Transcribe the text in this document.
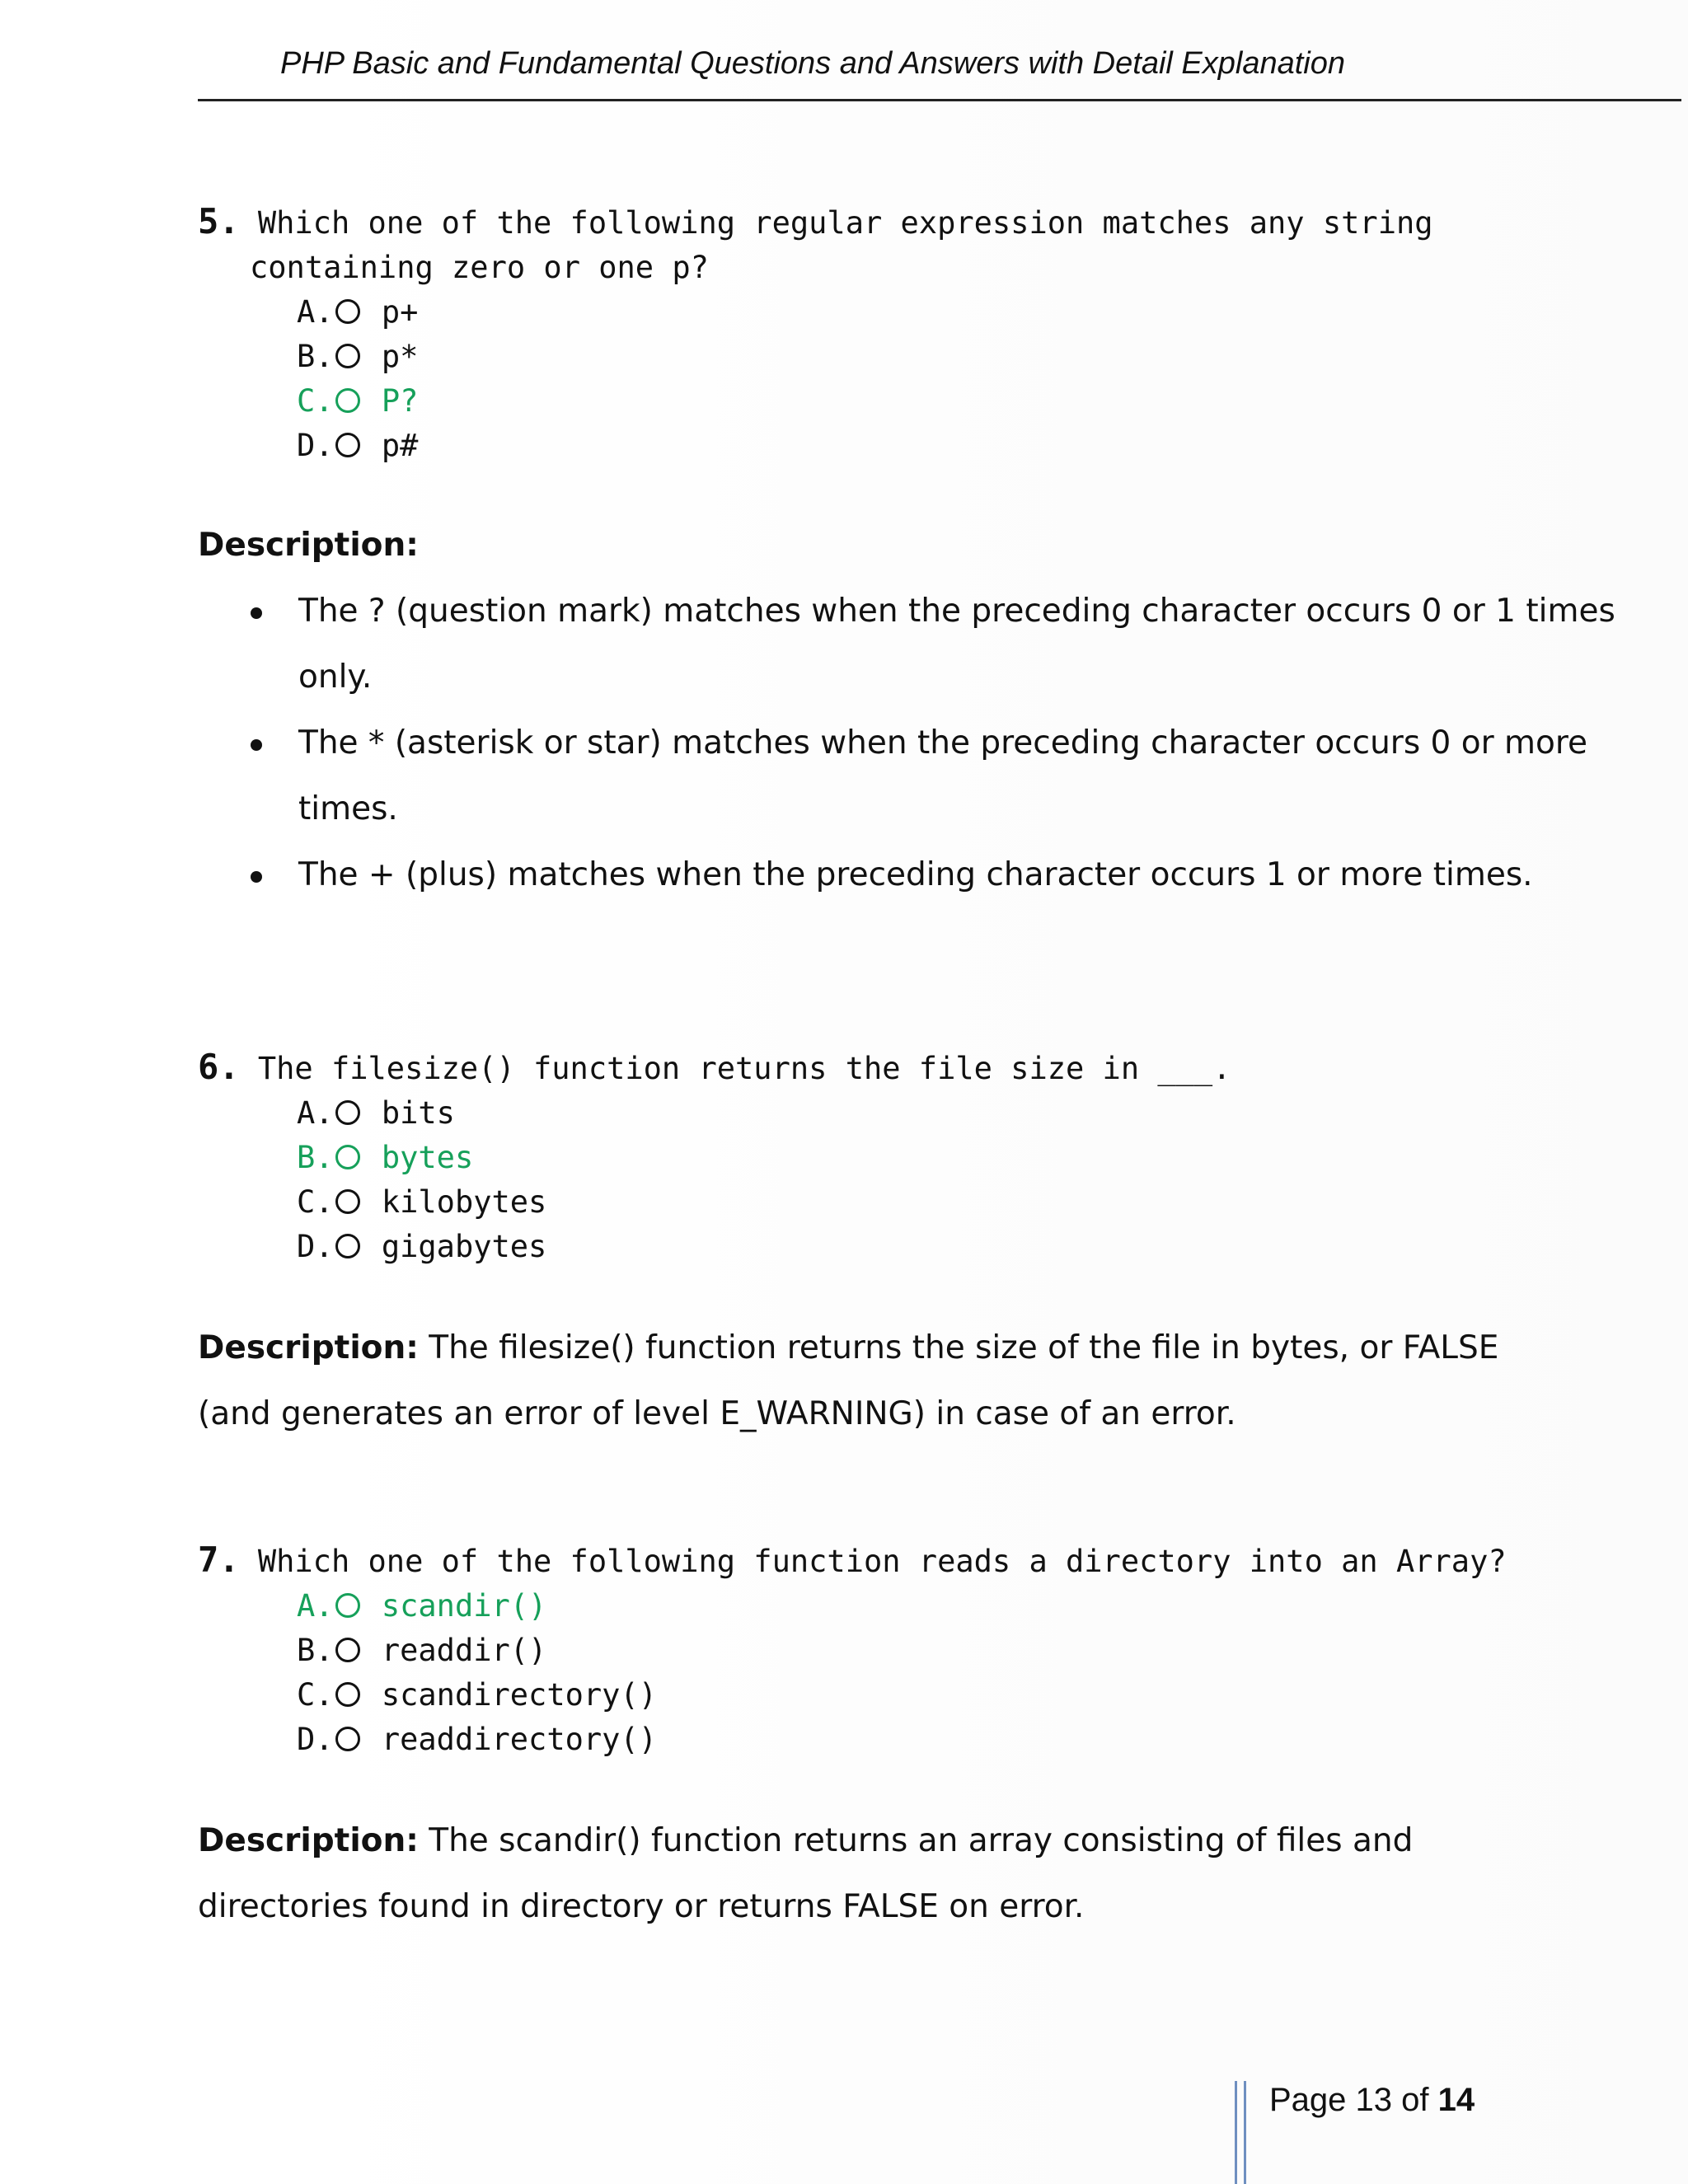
PHP Basic and Fundamental Questions and Answers with Detail Explanation
5. Which one of the following regular expression matches any string
containing zero or one p?
A. p+
B. p*
C. P?
D. p#
Description:
The ? (question mark) matches when the preceding character occurs 0 or 1 times only.
The * (asterisk or star) matches when the preceding character occurs 0 or more times.
The + (plus) matches when the preceding character occurs 1 or more times.
6. The filesize() function returns the file size in ___.
A. bits
B. bytes
C. kilobytes
D. gigabytes
Description: The filesize() function returns the size of the file in bytes, or FALSE (and generates an error of level E_WARNING) in case of an error.
7. Which one of the following function reads a directory into an Array?
A. scandir()
B. readdir()
C. scandirectory()
D. readdirectory()
Description: The scandir() function returns an array consisting of files and directories found in directory or returns FALSE on error.
Page 13 of 14
